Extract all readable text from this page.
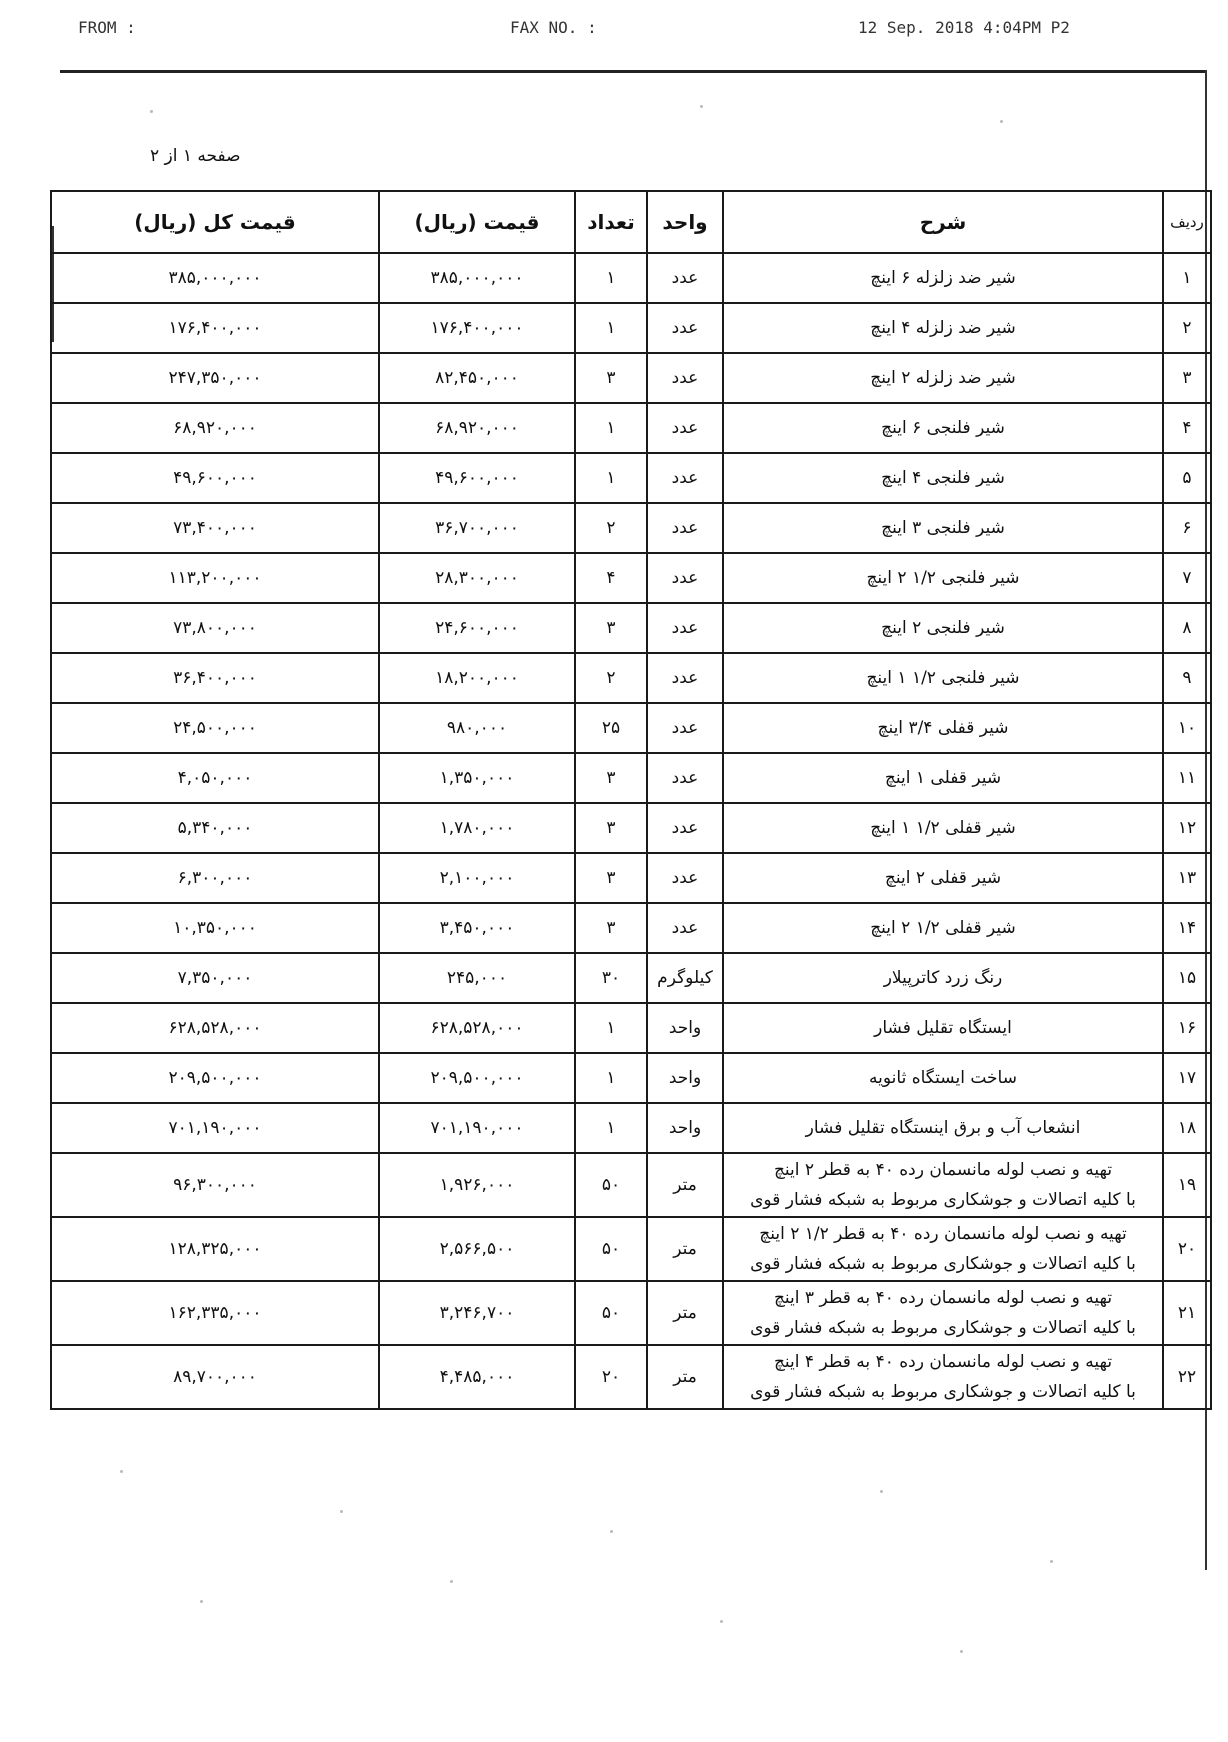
FROM :	FAX NO. :	12 Sep. 2018 4:04PM P2
صفحه ۱ از ۲
ردیف	شرح	واحد	تعداد	قیمت (ریال)	قیمت کل (ریال)
۱	شیر ضد زلزله ۶ اینچ	عدد	۱	۳۸۵,۰۰۰,۰۰۰	۳۸۵,۰۰۰,۰۰۰
۲	شیر ضد زلزله ۴ اینچ	عدد	۱	۱۷۶,۴۰۰,۰۰۰	۱۷۶,۴۰۰,۰۰۰
۳	شیر ضد زلزله ۲ اینچ	عدد	۳	۸۲,۴۵۰,۰۰۰	۲۴۷,۳۵۰,۰۰۰
۴	شیر فلنجی ۶ اینچ	عدد	۱	۶۸,۹۲۰,۰۰۰	۶۸,۹۲۰,۰۰۰
۵	شیر فلنجی ۴ اینچ	عدد	۱	۴۹,۶۰۰,۰۰۰	۴۹,۶۰۰,۰۰۰
۶	شیر فلنجی ۳ اینچ	عدد	۲	۳۶,۷۰۰,۰۰۰	۷۳,۴۰۰,۰۰۰
۷	شیر فلنجی ۱/۲ ۲ اینچ	عدد	۴	۲۸,۳۰۰,۰۰۰	۱۱۳,۲۰۰,۰۰۰
۸	شیر فلنجی ۲ اینچ	عدد	۳	۲۴,۶۰۰,۰۰۰	۷۳,۸۰۰,۰۰۰
۹	شیر فلنجی ۱/۲ ۱ اینچ	عدد	۲	۱۸,۲۰۰,۰۰۰	۳۶,۴۰۰,۰۰۰
۱۰	شیر قفلی ۳/۴ اینچ	عدد	۲۵	۹۸۰,۰۰۰	۲۴,۵۰۰,۰۰۰
۱۱	شیر قفلی ۱ اینچ	عدد	۳	۱,۳۵۰,۰۰۰	۴,۰۵۰,۰۰۰
۱۲	شیر قفلی ۱/۲ ۱ اینچ	عدد	۳	۱,۷۸۰,۰۰۰	۵,۳۴۰,۰۰۰
۱۳	شیر قفلی ۲ اینچ	عدد	۳	۲,۱۰۰,۰۰۰	۶,۳۰۰,۰۰۰
۱۴	شیر قفلی ۱/۲ ۲ اینچ	عدد	۳	۳,۴۵۰,۰۰۰	۱۰,۳۵۰,۰۰۰
۱۵	رنگ زرد کاترپیلار	کیلوگرم	۳۰	۲۴۵,۰۰۰	۷,۳۵۰,۰۰۰
۱۶	ایستگاه تقلیل فشار	واحد	۱	۶۲۸,۵۲۸,۰۰۰	۶۲۸,۵۲۸,۰۰۰
۱۷	ساخت ایستگاه ثانویه	واحد	۱	۲۰۹,۵۰۰,۰۰۰	۲۰۹,۵۰۰,۰۰۰
۱۸	انشعاب آب و برق اینستگاه تقلیل فشار	واحد	۱	۷۰۱,۱۹۰,۰۰۰	۷۰۱,۱۹۰,۰۰۰
۱۹	تهیه و نصب لوله مانسمان رده ۴۰ به قطر ۲ اینچ
با کلیه اتصالات و جوشکاری مربوط به شبکه فشار قوی	متر	۵۰	۱,۹۲۶,۰۰۰	۹۶,۳۰۰,۰۰۰
۲۰	تهیه و نصب لوله مانسمان رده ۴۰ به قطر ۱/۲ ۲ اینچ
با کلیه اتصالات و جوشکاری مربوط به شبکه فشار قوی	متر	۵۰	۲,۵۶۶,۵۰۰	۱۲۸,۳۲۵,۰۰۰
۲۱	تهیه و نصب لوله مانسمان رده ۴۰ به قطر ۳ اینچ
با کلیه اتصالات و جوشکاری مربوط به شبکه فشار قوی	متر	۵۰	۳,۲۴۶,۷۰۰	۱۶۲,۳۳۵,۰۰۰
۲۲	تهیه و نصب لوله مانسمان رده ۴۰ به قطر ۴ اینچ
با کلیه اتصالات و جوشکاری مربوط به شبکه فشار قوی	متر	۲۰	۴,۴۸۵,۰۰۰	۸۹,۷۰۰,۰۰۰
